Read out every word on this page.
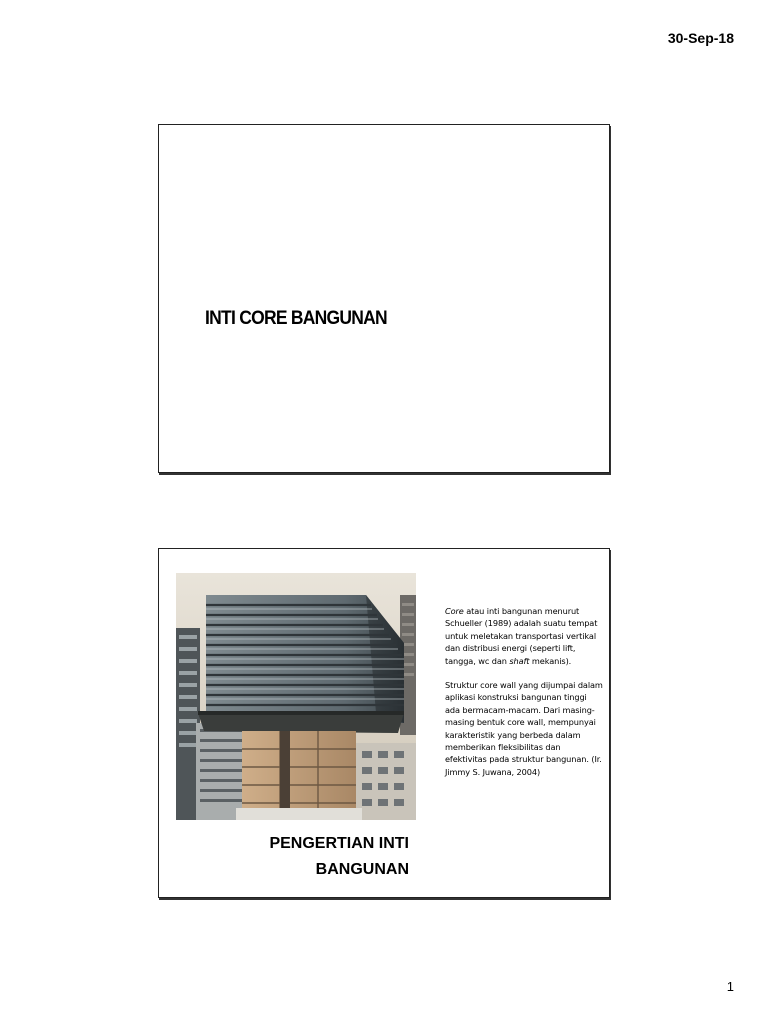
30-Sep-18
INTI CORE BANGUNAN
PENGERTIAN INTI
BANGUNAN

Core atau inti bangunan menurut Schueller (1989) adalah suatu tempat untuk meletakan transportasi vertikal dan distribusi energi (seperti lift, tangga, wc dan shaft mekanis).

Struktur core wall yang dijumpai dalam aplikasi konstruksi bangunan tinggi ada bermacam-macam. Dari masing-masing bentuk core wall, mempunyai karakteristik yang berbeda dalam memberikan fleksibilitas dan efektivitas pada struktur bangunan. (Ir. Jimmy S. Juwana, 2004)

1
